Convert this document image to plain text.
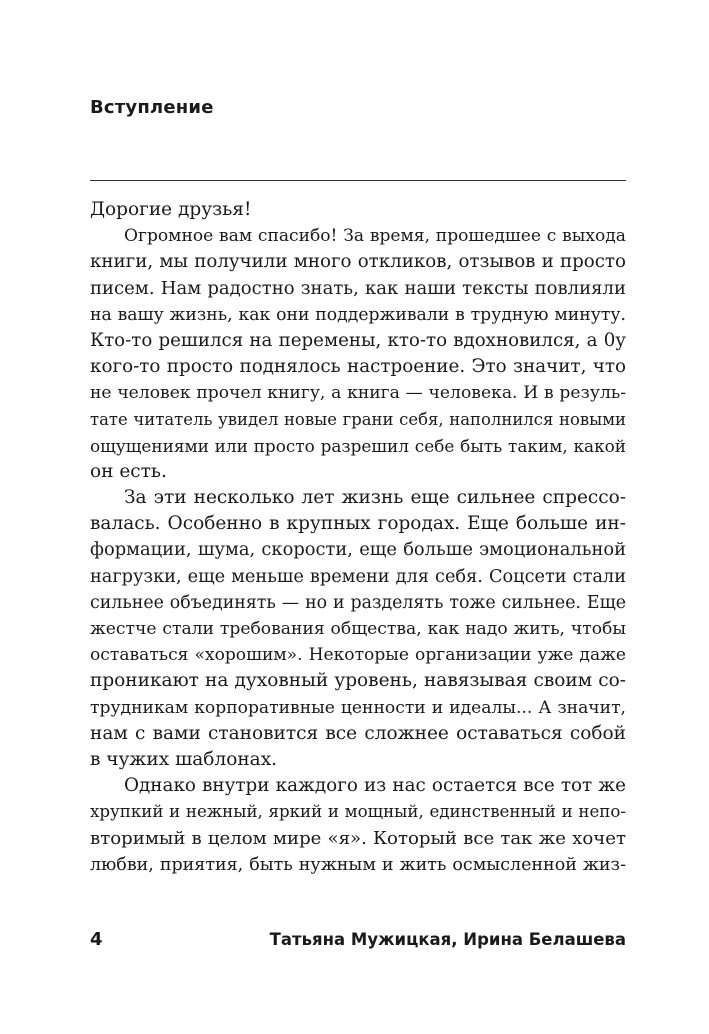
Вступление
Дорогие друзья!
Огромное вам спасибо! За время, прошедшее с выхода
книги, мы получили много откликов, отзывов и просто
писем. Нам радостно знать, как наши тексты повлияли
на вашу жизнь, как они поддерживали в трудную минуту.
Кто-то решился на перемены, кто-то вдохновился, а 0у
кого-то просто поднялось настроение. Это значит, что
не человек прочел книгу, а книга — человека. И в резуль-
тате читатель увидел новые грани себя, наполнился новыми
ощущениями или просто разрешил себе быть таким, какой
он есть.
За эти несколько лет жизнь еще сильнее спрессо-
валась. Особенно в крупных городах. Еще больше ин-
формации, шума, скорости, еще больше эмоциональной
нагрузки, еще меньше времени для себя. Соцсети стали
сильнее объединять — но и разделять тоже сильнее. Еще
жестче стали требования общества, как надо жить, чтобы
оставаться «хорошим». Некоторые организации уже даже
проникают на духовный уровень, навязывая своим со-
трудникам корпоративные ценности и идеалы... А значит,
нам с вами становится все сложнее оставаться собой
в чужих шаблонах.
Однако внутри каждого из нас остается все тот же
хрупкий и нежный, яркий и мощный, единственный и непо-
вторимый в целом мире «я». Который все так же хочет
любви, приятия, быть нужным и жить осмысленной жиз-
4	Татьяна Мужицкая, Ирина Белашева
